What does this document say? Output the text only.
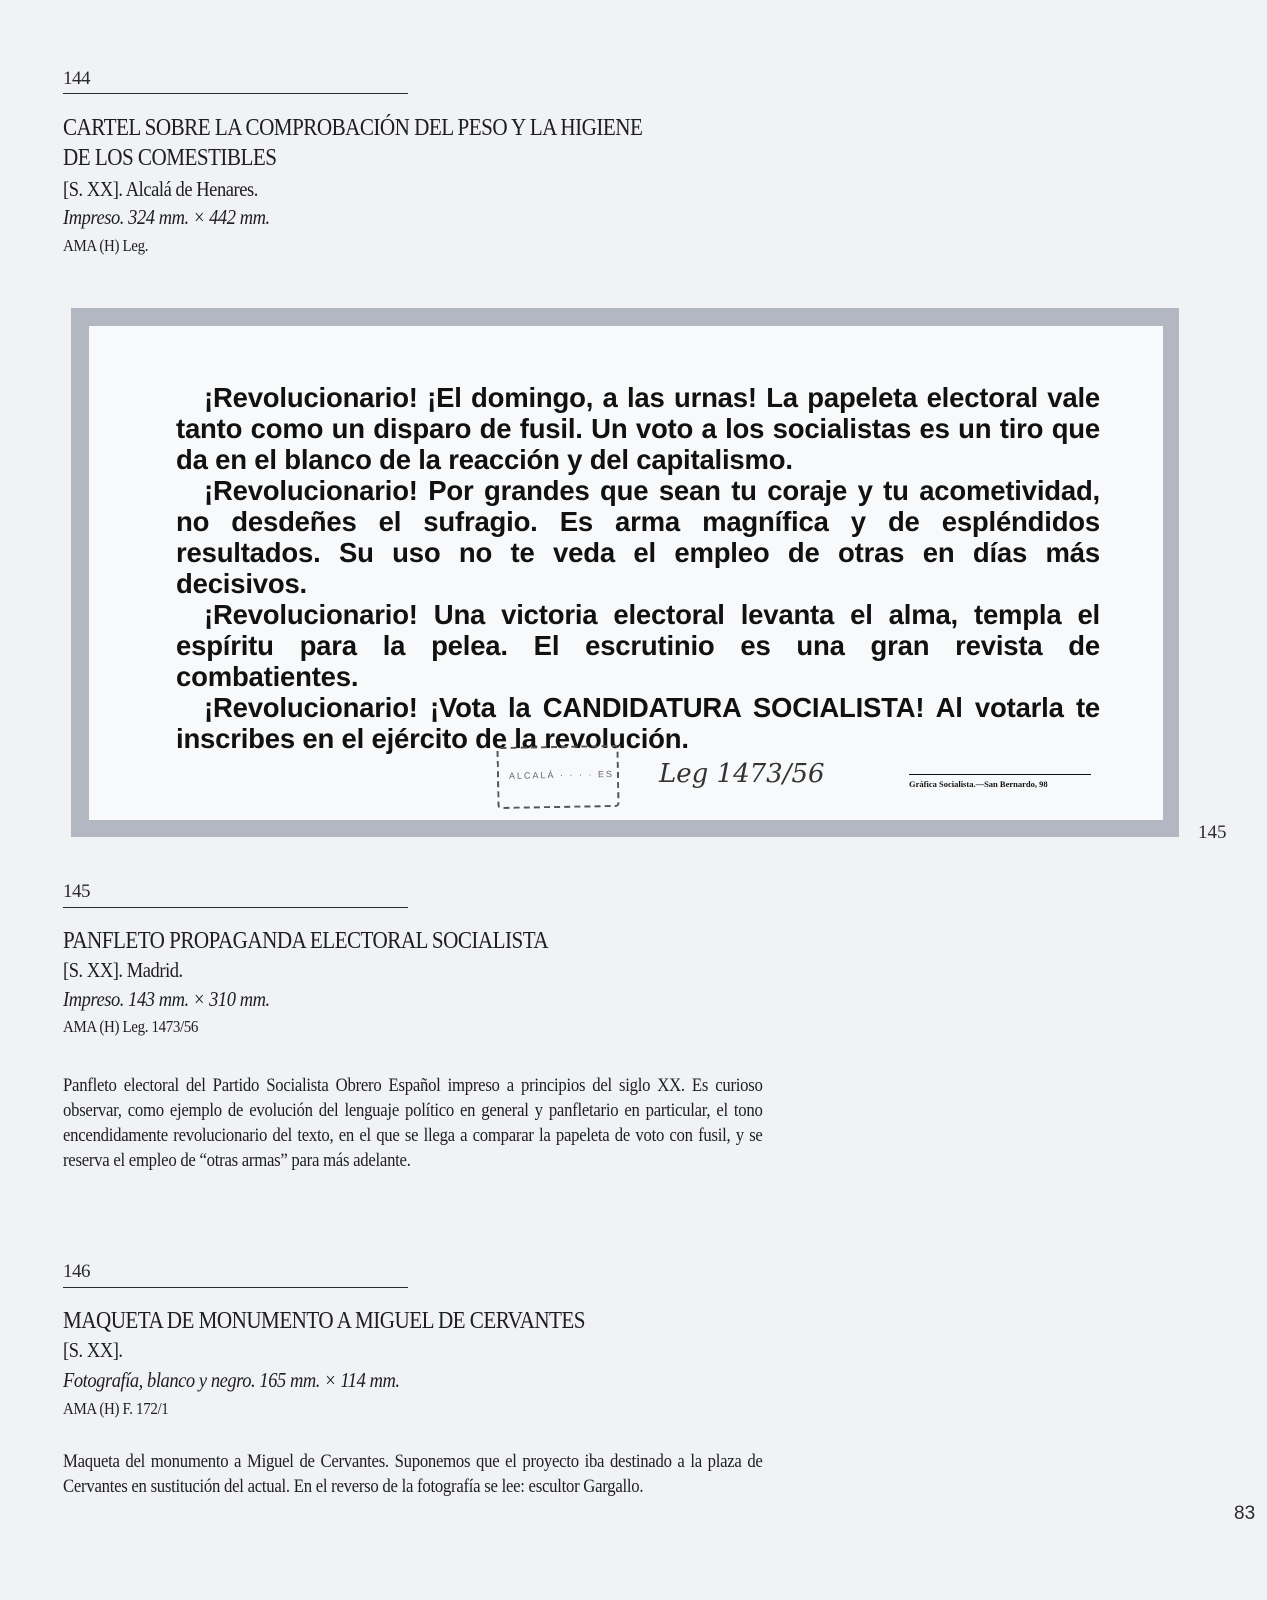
144
CARTEL SOBRE LA COMPROBACIÓN DEL PESO Y LA HIGIENE
DE LOS COMESTIBLES
[S. XX]. Alcalá de Henares.
Impreso. 324 mm. × 442 mm.
AMA (H) Leg.

¡Revolucionario! ¡El domingo, a las urnas! La papeleta electoral vale tanto como un disparo de fusil. Un voto a los socialistas es un tiro que da en el blanco de la reacción y del capitalismo.

¡Revolucionario! Por grandes que sean tu coraje y tu acometividad, no desdeñes el sufragio. Es arma magnífica y de espléndidos resultados. Su uso no te veda el empleo de otras en días más decisivos.

¡Revolucionario! Una victoria electoral levanta el alma, templa el espíritu para la pelea. El escrutinio es una gran revista de combatientes.

¡Revolucionario! ¡Vota la CANDIDATURA SOCIALISTA! Al votarla te inscribes en el ejército de la revolución.

ALCALÁ · · · · ES Leg 1473/56	Gráfica Socialista.—San Bernardo, 98
145
145
PANFLETO PROPAGANDA ELECTORAL SOCIALISTA
[S. XX]. Madrid.
Impreso. 143 mm. × 310 mm.
AMA (H) Leg. 1473/56
Panfleto electoral del Partido Socialista Obrero Español impreso a principios del siglo XX. Es curioso observar, como ejemplo de evolución del lenguaje político en general y panfletario en particular, el tono encendidamente revolucionario del texto, en el que se llega a comparar la papeleta de voto con fusil, y se reserva el empleo de “otras armas” para más adelante.
146
MAQUETA DE MONUMENTO A MIGUEL DE CERVANTES
[S. XX].
Fotografía, blanco y negro. 165 mm. × 114 mm.
AMA (H) F. 172/1
Maqueta del monumento a Miguel de Cervantes. Suponemos que el proyecto iba destinado a la plaza de Cervantes en sustitución del actual. En el reverso de la fotografía se lee: escultor Gargallo.
83
